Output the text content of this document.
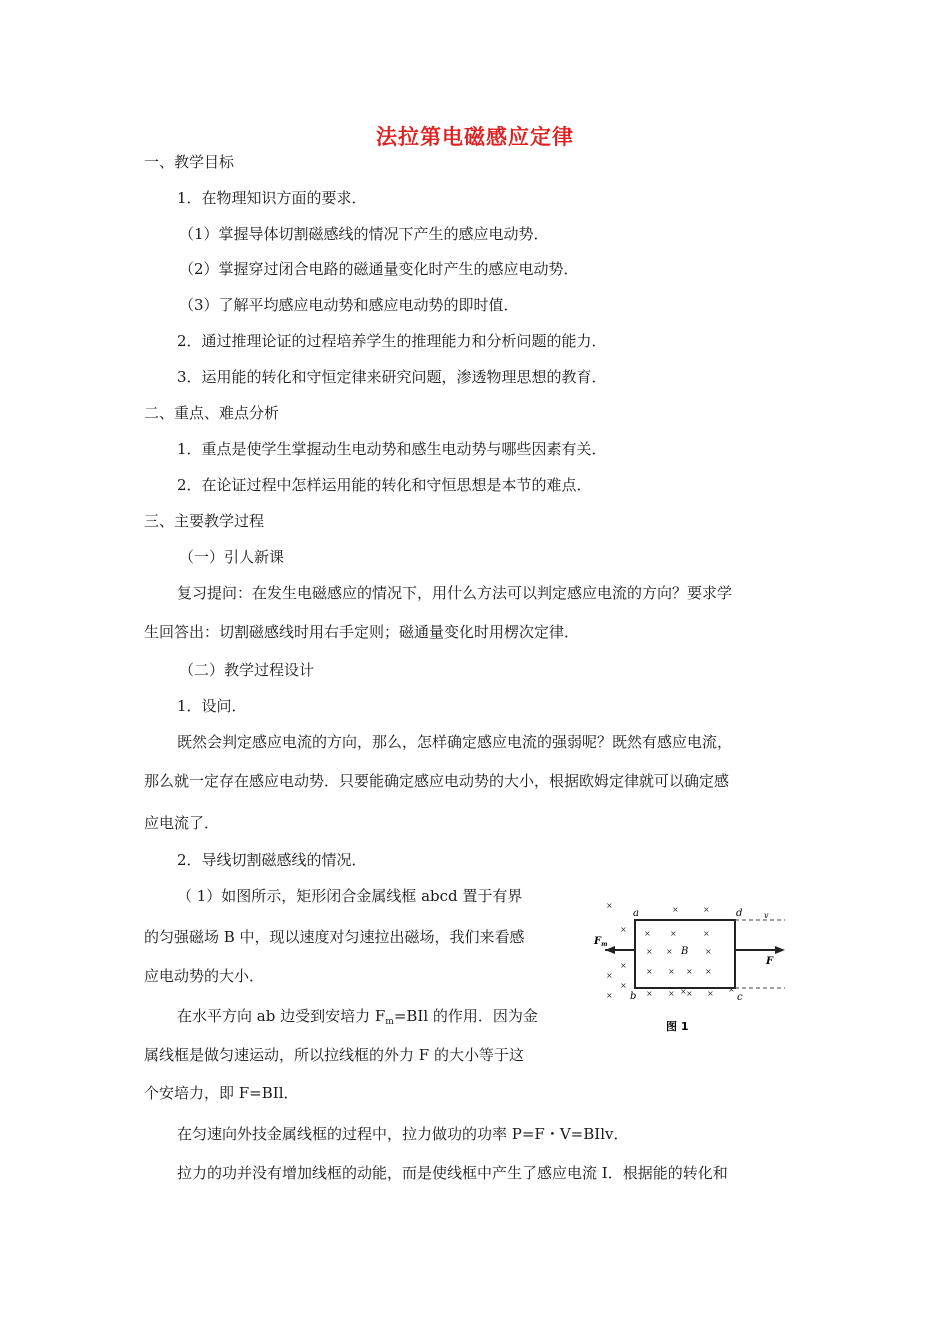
法拉第电磁感应定律
一、教学目标
1．在物理知识方面的要求．
（1）掌握导体切割磁感线的情况下产生的感应电动势．
（2）掌握穿过闭合电路的磁通量变化时产生的感应电动势．
（3）了解平均感应电动势和感应电动势的即时值．
2．通过推理论证的过程培养学生的推理能力和分析问题的能力．
3．运用能的转化和守恒定律来研究问题，渗透物理思想的教育．
二、重点、难点分析
1．重点是使学生掌握动生电动势和感生电动势与哪些因素有关．
2．在论证过程中怎样运用能的转化和守恒思想是本节的难点．
三、主要教学过程
（一）引人新课
复习提问：在发生电磁感应的情况下，用什么方法可以判定感应电流的方向？要求学
生回答出：切割磁感线时用右手定则；磁通量变化时用楞次定律．
（二）教学过程设计
1．设问．
既然会判定感应电流的方向，那么，怎样确定感应电流的强弱呢？既然有感应电流，
那么就一定存在感应电动势．只要能确定感应电动势的大小，根据欧姆定律就可以确定感
应电流了．
2．导线切割磁感线的情况．
（ 1）如图所示，矩形闭合金属线框 abcd 置于有界
的匀强磁场 B 中，现以速度对匀速拉出磁场，我们来看感
应电动势的大小．
在水平方向 ab 边受到安培力 $F_m=BIl$ 的作用．因为金
属线框是做匀速运动，所以拉线框的外力 F 的大小等于这
个安培力，即 F=BIl．
在匀速向外技金属线框的过程中，拉力做功的功率 P=F・V=BIlv．
拉力的功并没有增加线框的动能，而是使线框中产生了感应电流 I．根据能的转化和
a
b	c
d
B
F
v
$F_m$
×
×
×
×
×
×	×
× ×	×
× ×	×
× × × ×
× × × × ×
×
×
图 1
